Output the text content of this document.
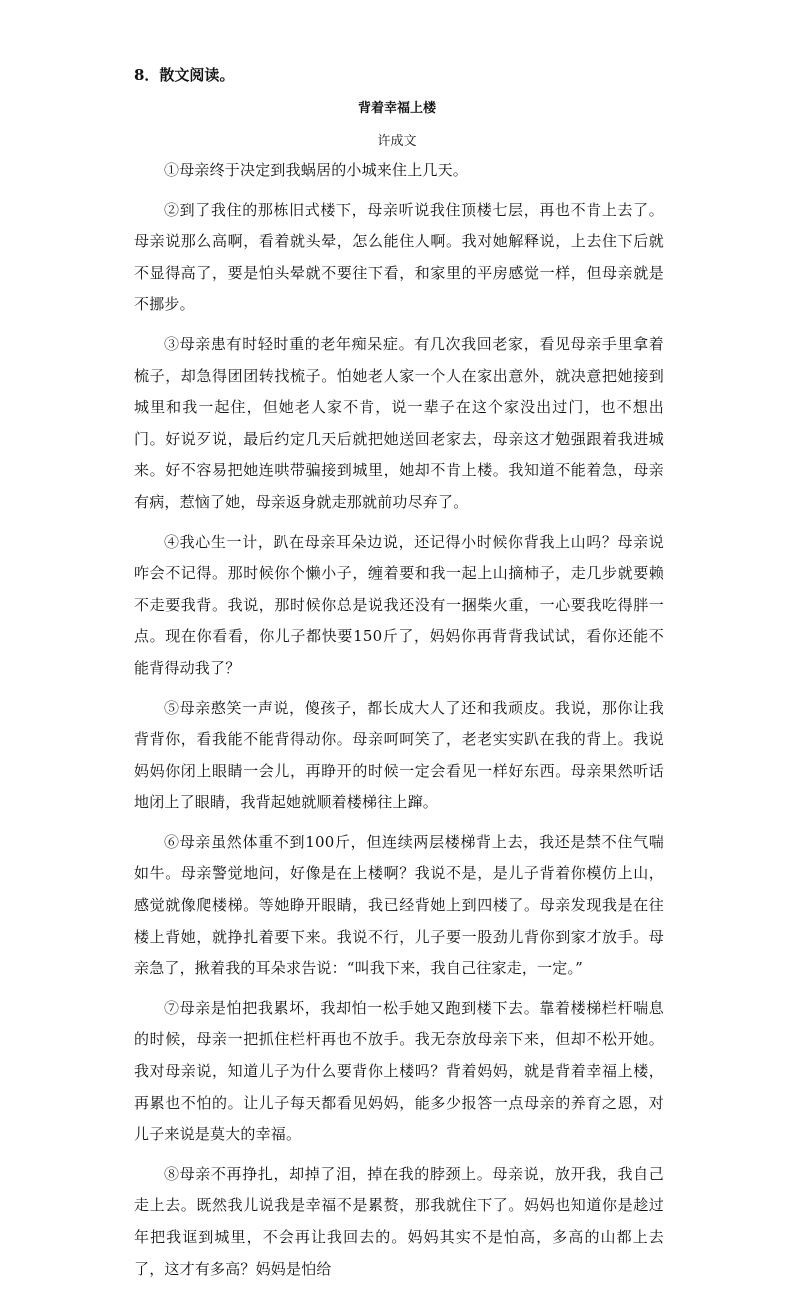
8．散文阅读。
背着幸福上楼
许成文

①母亲终于决定到我蜗居的小城来住上几天。

②到了我住的那栋旧式楼下，母亲听说我住顶楼七层，再也不肯上去了。母亲说那么高啊，看着就头晕，怎么能住人啊。我对她解释说，上去住下后就不显得高了，要是怕头晕就不要往下看，和家里的平房感觉一样，但母亲就是不挪步。

③母亲患有时轻时重的老年痴呆症。有几次我回老家，看见母亲手里拿着梳子，却急得团团转找梳子。怕她老人家一个人在家出意外，就决意把她接到城里和我一起住，但她老人家不肯，说一辈子在这个家没出过门，也不想出门。好说歹说，最后约定几天后就把她送回老家去，母亲这才勉强跟着我进城来。好不容易把她连哄带骗接到城里，她却不肯上楼。我知道不能着急，母亲有病，惹恼了她，母亲返身就走那就前功尽弃了。

④我心生一计，趴在母亲耳朵边说，还记得小时候你背我上山吗？母亲说咋会不记得。那时候你个懒小子，缠着要和我一起上山摘柿子，走几步就要赖不走要我背。我说，那时候你总是说我还没有一捆柴火重，一心要我吃得胖一点。现在你看看，你儿子都快要150斤了，妈妈你再背背我试试，看你还能不能背得动我了？

⑤母亲憨笑一声说，傻孩子，都长成大人了还和我顽皮。我说，那你让我背背你，看我能不能背得动你。母亲呵呵笑了，老老实实趴在我的背上。我说妈妈你闭上眼睛一会儿，再睁开的时候一定会看见一样好东西。母亲果然听话地闭上了眼睛，我背起她就顺着楼梯往上蹿。

⑥母亲虽然体重不到100斤，但连续两层楼梯背上去，我还是禁不住气喘如牛。母亲警觉地问，好像是在上楼啊？我说不是，是儿子背着你模仿上山，感觉就像爬楼梯。等她睁开眼睛，我已经背她上到四楼了。母亲发现我是在往楼上背她，就挣扎着要下来。我说不行，儿子要一股劲儿背你到家才放手。母亲急了，揪着我的耳朵求告说：“叫我下来，我自己往家走，一定。”

⑦母亲是怕把我累坏，我却怕一松手她又跑到楼下去。靠着楼梯栏杆喘息的时候，母亲一把抓住栏杆再也不放手。我无奈放母亲下来，但却不松开她。我对母亲说，知道儿子为什么要背你上楼吗？背着妈妈，就是背着幸福上楼，再累也不怕的。让儿子每天都看见妈妈，能多少报答一点母亲的养育之恩，对儿子来说是莫大的幸福。

⑧母亲不再挣扎，却掉了泪，掉在我的脖颈上。母亲说，放开我，我自己走上去。既然我儿说我是幸福不是累赘，那我就住下了。妈妈也知道你是趁过年把我诓到城里，不会再让我回去的。妈妈其实不是怕高，多高的山都上去了，这才有多高？妈妈是怕给
